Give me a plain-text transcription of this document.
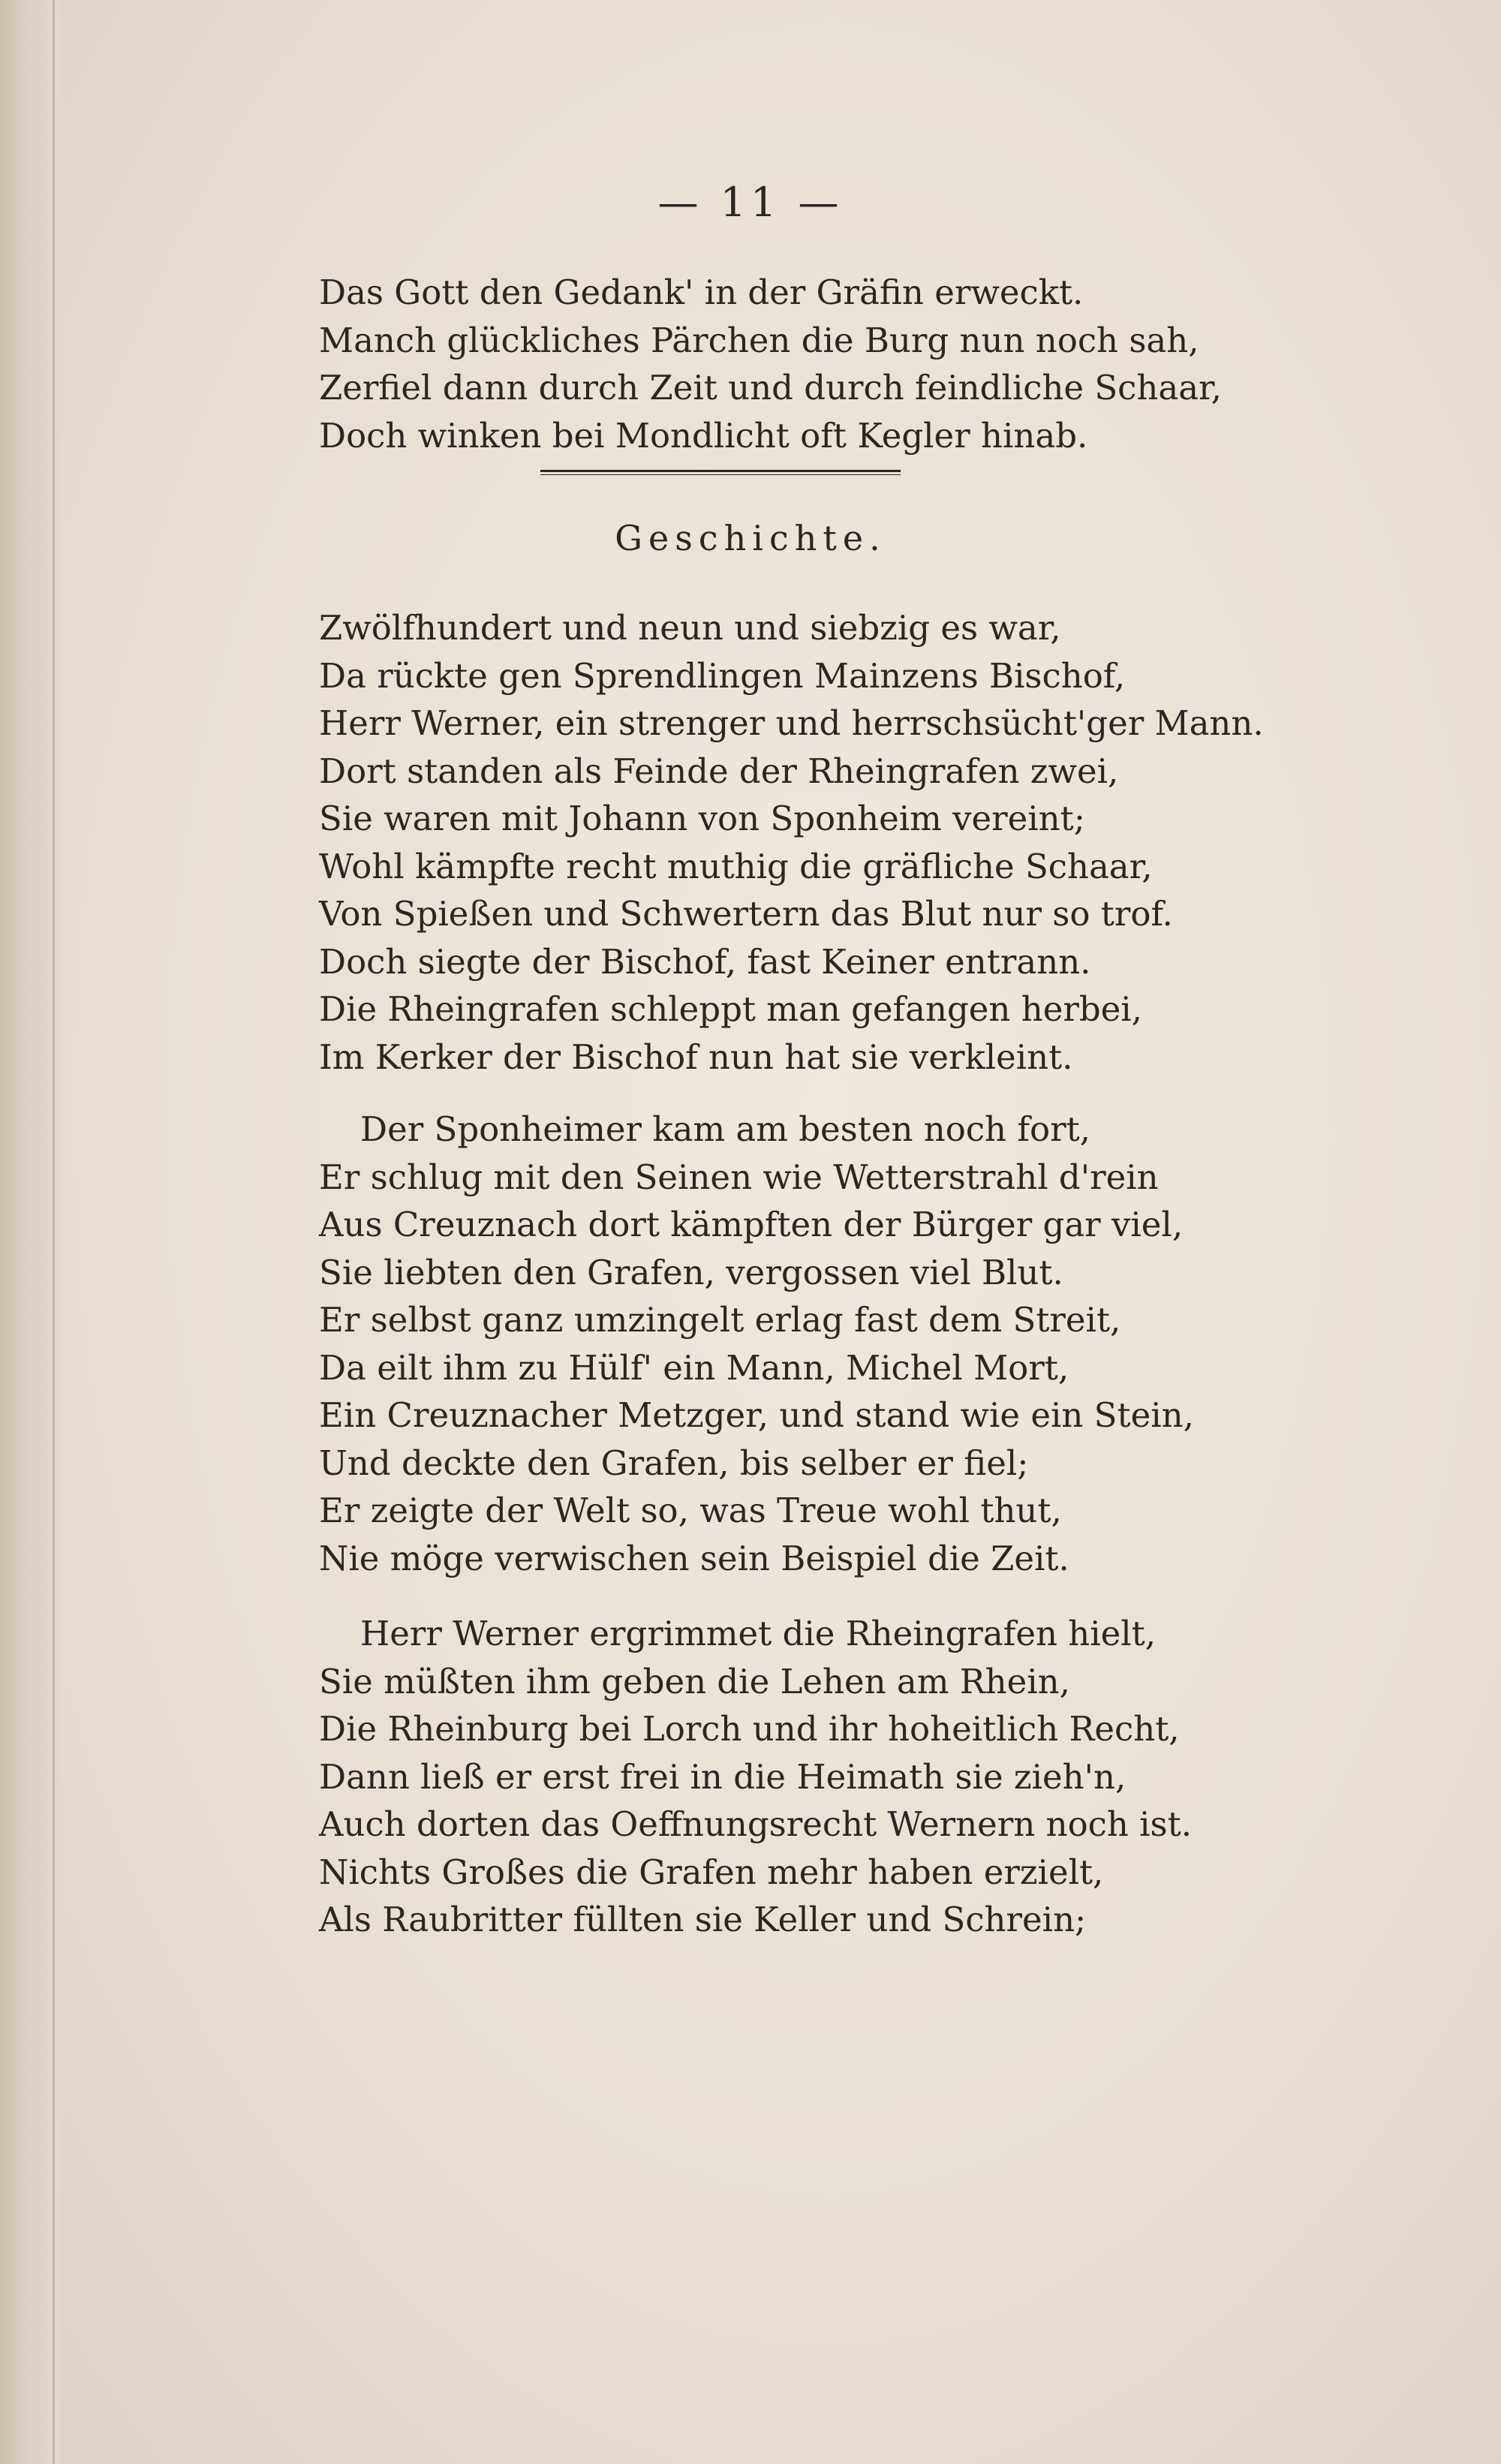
— 11 —
Das Gott den Gedank' in der Gräfin erweckt.
Manch glückliches Pärchen die Burg nun noch sah,
Zerfiel dann durch Zeit und durch feindliche Schaar,
Doch winken bei Mondlicht oft Kegler hinab.
Geschichte.
Zwölfhundert und neun und siebzig es war,
Da rückte gen Sprendlingen Mainzens Bischof,
Herr Werner, ein strenger und herrschsücht'ger Mann.
Dort standen als Feinde der Rheingrafen zwei,
Sie waren mit Johann von Sponheim vereint;
Wohl kämpfte recht muthig die gräfliche Schaar,
Von Spießen und Schwertern das Blut nur so trof.
Doch siegte der Bischof, fast Keiner entrann.
Die Rheingrafen schleppt man gefangen herbei,
Im Kerker der Bischof nun hat sie verkleint.
Der Sponheimer kam am besten noch fort,
Er schlug mit den Seinen wie Wetterstrahl d'rein
Aus Creuznach dort kämpften der Bürger gar viel,
Sie liebten den Grafen, vergossen viel Blut.
Er selbst ganz umzingelt erlag fast dem Streit,
Da eilt ihm zu Hülf' ein Mann, Michel Mort,
Ein Creuznacher Metzger, und stand wie ein Stein,
Und deckte den Grafen, bis selber er fiel;
Er zeigte der Welt so, was Treue wohl thut,
Nie möge verwischen sein Beispiel die Zeit.
Herr Werner ergrimmet die Rheingrafen hielt,
Sie müßten ihm geben die Lehen am Rhein,
Die Rheinburg bei Lorch und ihr hoheitlich Recht,
Dann ließ er erst frei in die Heimath sie zieh'n,
Auch dorten das Oeffnungsrecht Wernern noch ist.
Nichts Großes die Grafen mehr haben erzielt,
Als Raubritter füllten sie Keller und Schrein;
